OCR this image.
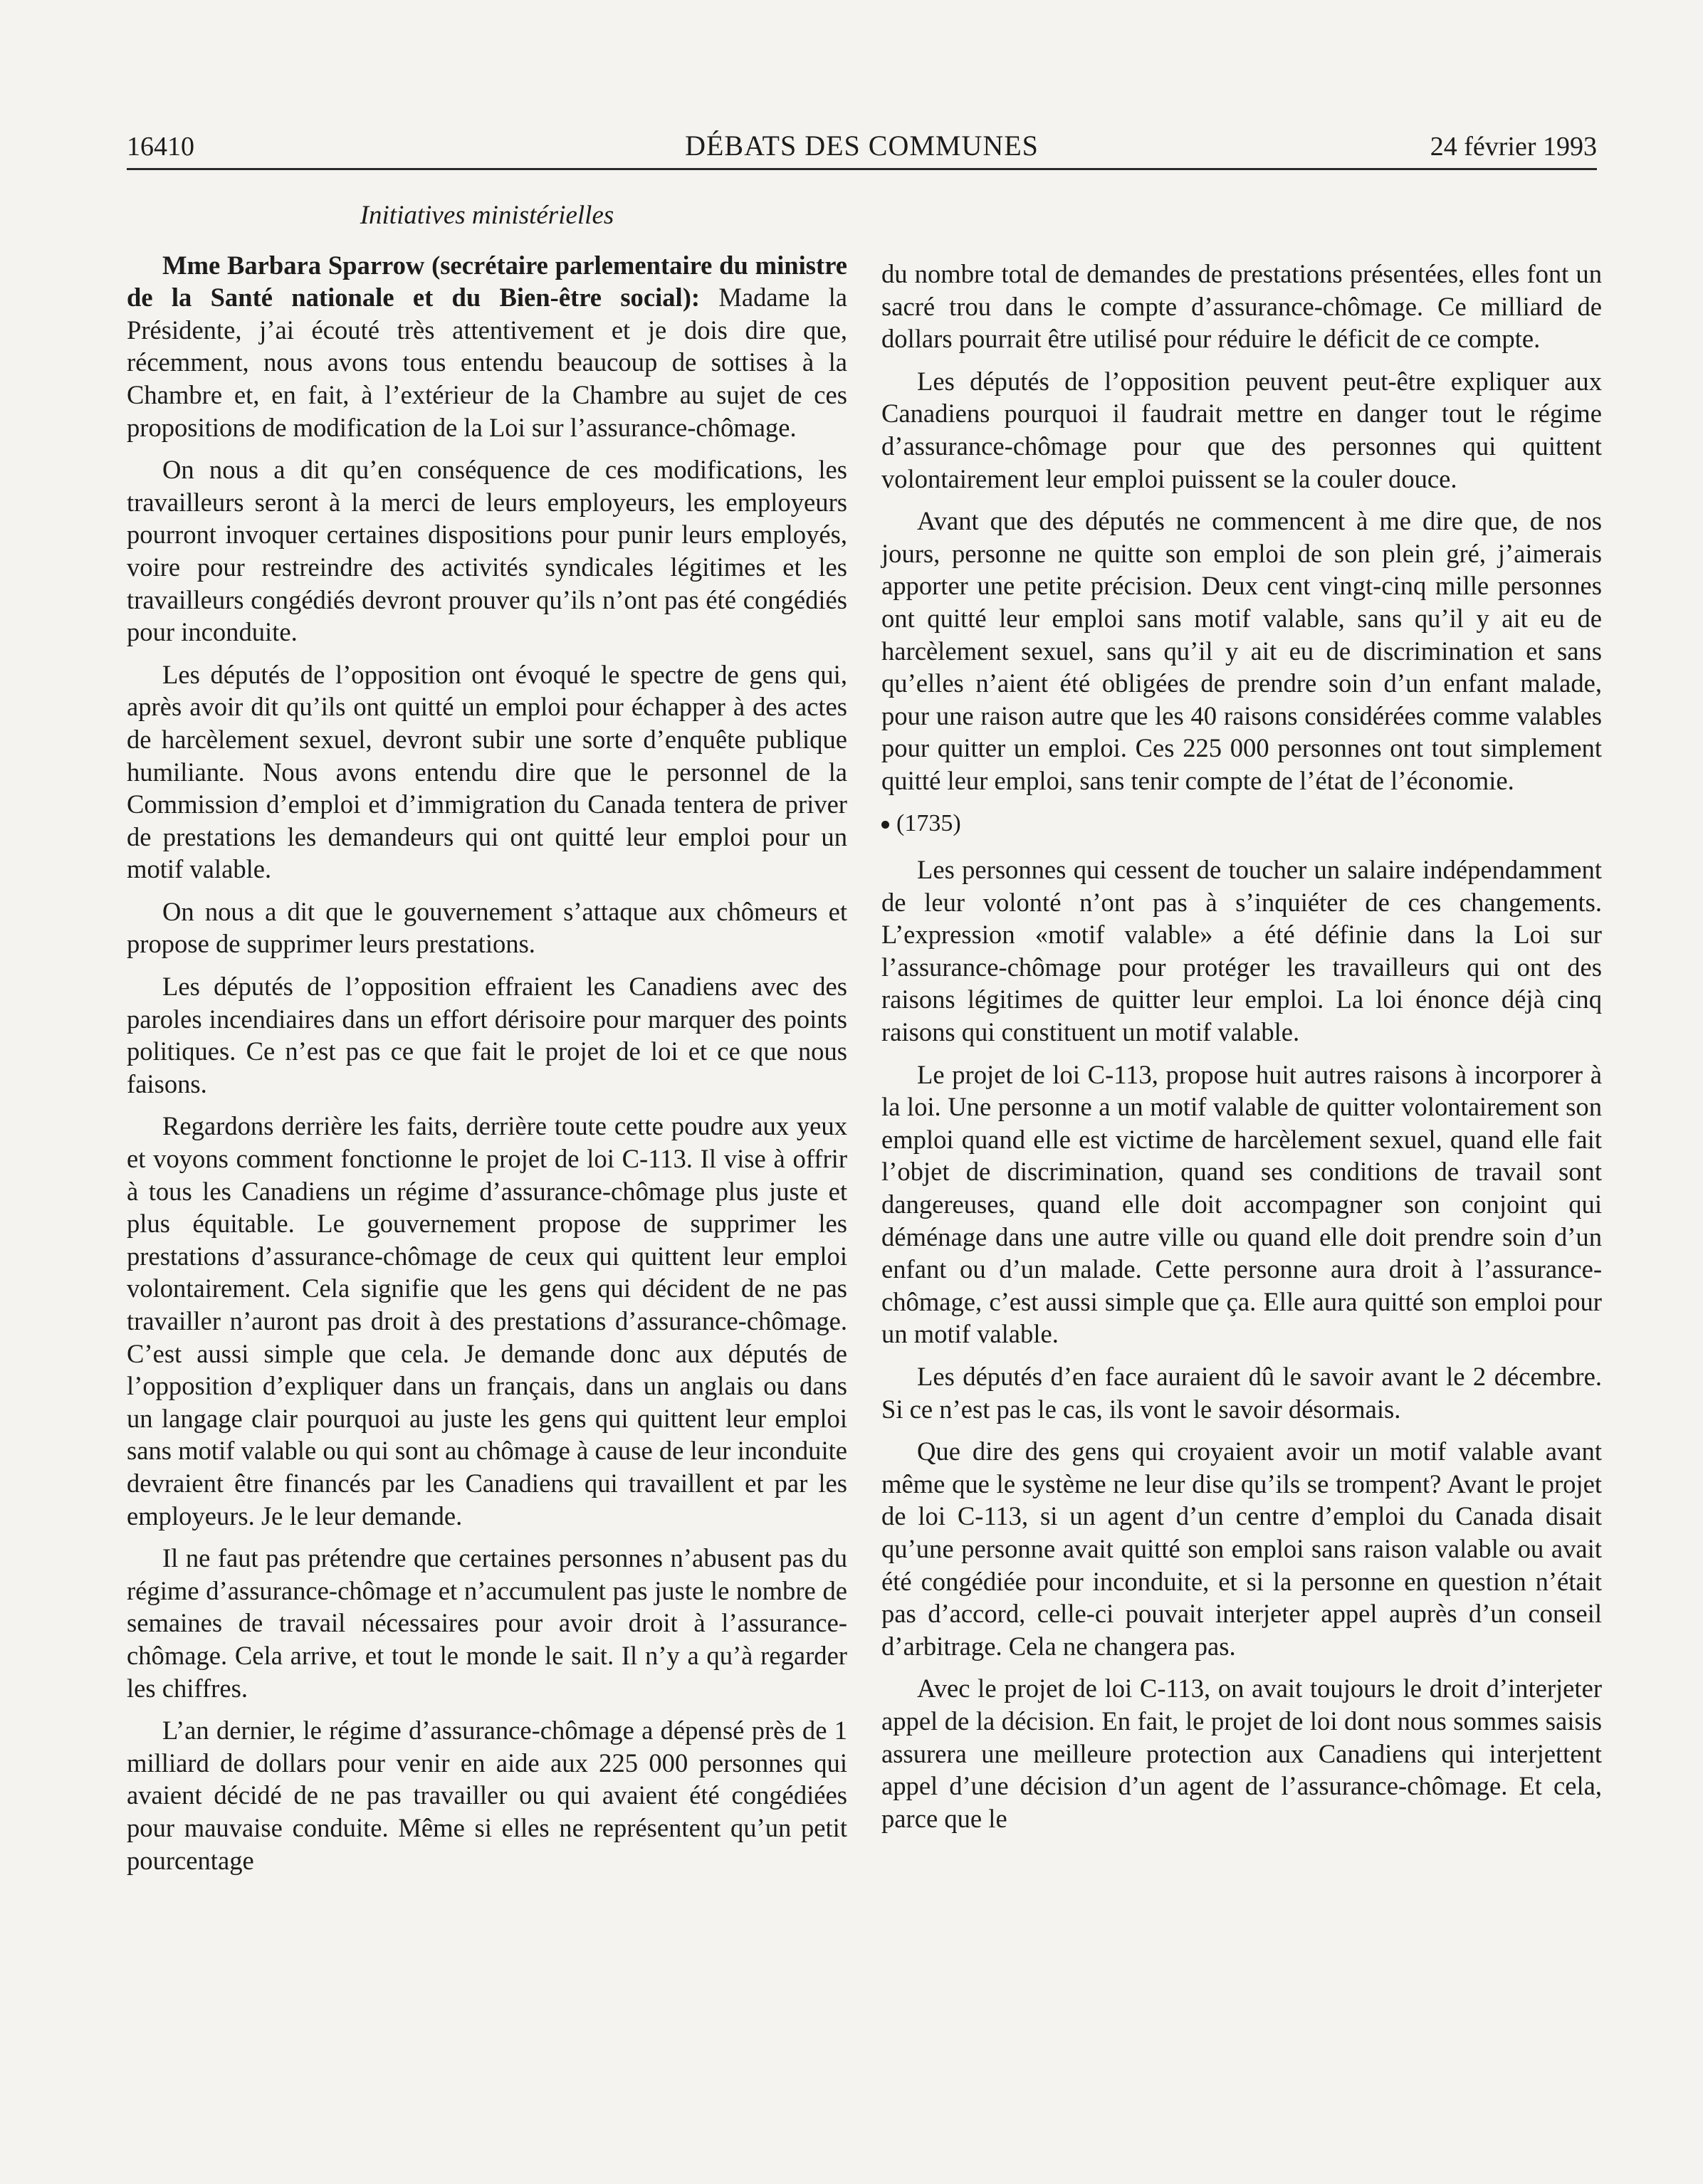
16410	DÉBATS DES COMMUNES	24 février 1993
Initiatives ministérielles

Mme Barbara Sparrow (secrétaire parlementaire du ministre de la Santé nationale et du Bien-être social): Madame la Présidente, j’ai écouté très attentivement et je dois dire que, récemment, nous avons tous entendu beaucoup de sottises à la Chambre et, en fait, à l’extérieur de la Chambre au sujet de ces propositions de modification de la Loi sur l’assurance-chômage.

On nous a dit qu’en conséquence de ces modifications, les travailleurs seront à la merci de leurs employeurs, les employeurs pourront invoquer certaines dispositions pour punir leurs employés, voire pour restreindre des activités syndicales légitimes et les travailleurs congédiés devront prouver qu’ils n’ont pas été congédiés pour inconduite.

Les députés de l’opposition ont évoqué le spectre de gens qui, après avoir dit qu’ils ont quitté un emploi pour échapper à des actes de harcèlement sexuel, devront subir une sorte d’enquête publique humiliante. Nous avons entendu dire que le personnel de la Commission d’emploi et d’immigration du Canada tentera de priver de prestations les demandeurs qui ont quitté leur emploi pour un motif valable.

On nous a dit que le gouvernement s’attaque aux chômeurs et propose de supprimer leurs prestations.

Les députés de l’opposition effraient les Canadiens avec des paroles incendiaires dans un effort dérisoire pour marquer des points politiques. Ce n’est pas ce que fait le projet de loi et ce que nous faisons.

Regardons derrière les faits, derrière toute cette poudre aux yeux et voyons comment fonctionne le projet de loi C-113. Il vise à offrir à tous les Canadiens un régime d’assurance-chômage plus juste et plus équitable. Le gouvernement propose de supprimer les prestations d’assurance-chômage de ceux qui quittent leur emploi volontairement. Cela signifie que les gens qui décident de ne pas travailler n’auront pas droit à des prestations d’assurance-chômage. C’est aussi simple que cela. Je demande donc aux députés de l’opposition d’expliquer dans un français, dans un anglais ou dans un langage clair pourquoi au juste les gens qui quittent leur emploi sans motif valable ou qui sont au chômage à cause de leur inconduite devraient être financés par les Canadiens qui travaillent et par les employeurs. Je le leur demande.

Il ne faut pas prétendre que certaines personnes n’abusent pas du régime d’assurance-chômage et n’accumulent pas juste le nombre de semaines de travail nécessaires pour avoir droit à l’assurance-chômage. Cela arrive, et tout le monde le sait. Il n’y a qu’à regarder les chiffres.

L’an dernier, le régime d’assurance-chômage a dépensé près de 1 milliard de dollars pour venir en aide aux 225 000 personnes qui avaient décidé de ne pas travailler ou qui avaient été congédiées pour mauvaise conduite. Même si elles ne représentent qu’un petit pourcentage

du nombre total de demandes de prestations présentées, elles font un sacré trou dans le compte d’assurance-chômage. Ce milliard de dollars pourrait être utilisé pour réduire le déficit de ce compte.

Les députés de l’opposition peuvent peut-être expliquer aux Canadiens pourquoi il faudrait mettre en danger tout le régime d’assurance-chômage pour que des personnes qui quittent volontairement leur emploi puissent se la couler douce.

Avant que des députés ne commencent à me dire que, de nos jours, personne ne quitte son emploi de son plein gré, j’aimerais apporter une petite précision. Deux cent vingt-cinq mille personnes ont quitté leur emploi sans motif valable, sans qu’il y ait eu de harcèlement sexuel, sans qu’il y ait eu de discrimination et sans qu’elles n’aient été obligées de prendre soin d’un enfant malade, pour une raison autre que les 40 raisons considérées comme valables pour quitter un emploi. Ces 225 000 personnes ont tout simplement quitté leur emploi, sans tenir compte de l’état de l’économie.

(1735)

Les personnes qui cessent de toucher un salaire indépendamment de leur volonté n’ont pas à s’inquiéter de ces changements. L’expression «motif valable» a été définie dans la Loi sur l’assurance-chômage pour protéger les travailleurs qui ont des raisons légitimes de quitter leur emploi. La loi énonce déjà cinq raisons qui constituent un motif valable.

Le projet de loi C-113, propose huit autres raisons à incorporer à la loi. Une personne a un motif valable de quitter volontairement son emploi quand elle est victime de harcèlement sexuel, quand elle fait l’objet de discrimination, quand ses conditions de travail sont dangereuses, quand elle doit accompagner son conjoint qui déménage dans une autre ville ou quand elle doit prendre soin d’un enfant ou d’un malade. Cette personne aura droit à l’assurance-chômage, c’est aussi simple que ça. Elle aura quitté son emploi pour un motif valable.

Les députés d’en face auraient dû le savoir avant le 2 décembre. Si ce n’est pas le cas, ils vont le savoir désormais.

Que dire des gens qui croyaient avoir un motif valable avant même que le système ne leur dise qu’ils se trompent? Avant le projet de loi C-113, si un agent d’un centre d’emploi du Canada disait qu’une personne avait quitté son emploi sans raison valable ou avait été congédiée pour inconduite, et si la personne en question n’était pas d’accord, celle-ci pouvait interjeter appel auprès d’un conseil d’arbitrage. Cela ne changera pas.

Avec le projet de loi C-113, on avait toujours le droit d’interjeter appel de la décision. En fait, le projet de loi dont nous sommes saisis assurera une meilleure protection aux Canadiens qui interjettent appel d’une décision d’un agent de l’assurance-chômage. Et cela, parce que le
